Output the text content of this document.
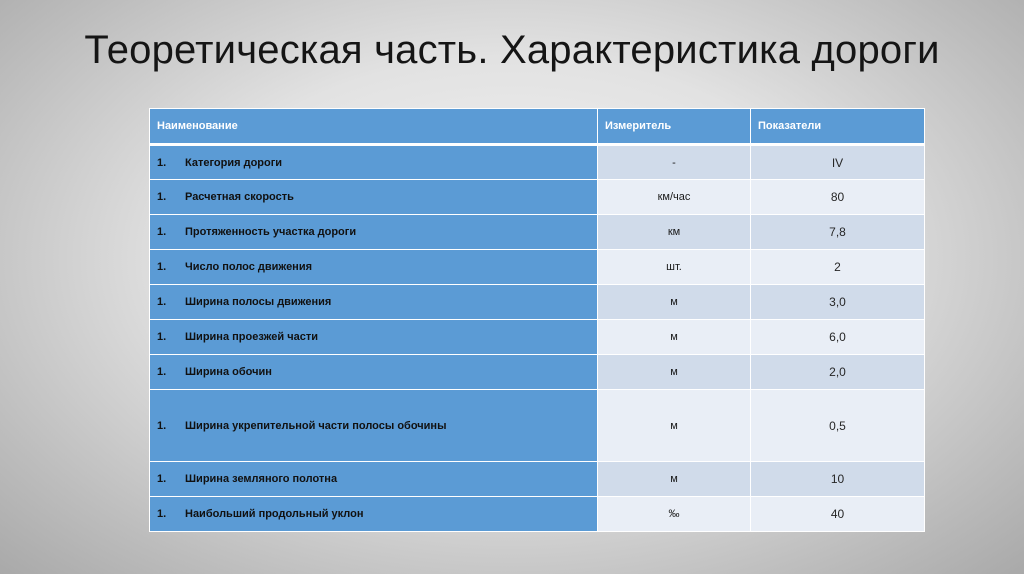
Теоретическая часть. Характеристика дороги
Наименование	Измеритель	Показатели
1. Категория дороги	-	IV
1. Расчетная скорость	км/час	80
1. Протяженность участка дороги	км	7,8
1. Число полос движения	шт.	2
1. Ширина полосы движения	м	3,0
1. Ширина проезжей части	м	6,0
1. Ширина обочин	м	2,0
1. Ширина укрепительной части полосы обочины	м	0,5
1. Ширина земляного полотна	м	10
1. Наибольший продольный уклон	‰	40
